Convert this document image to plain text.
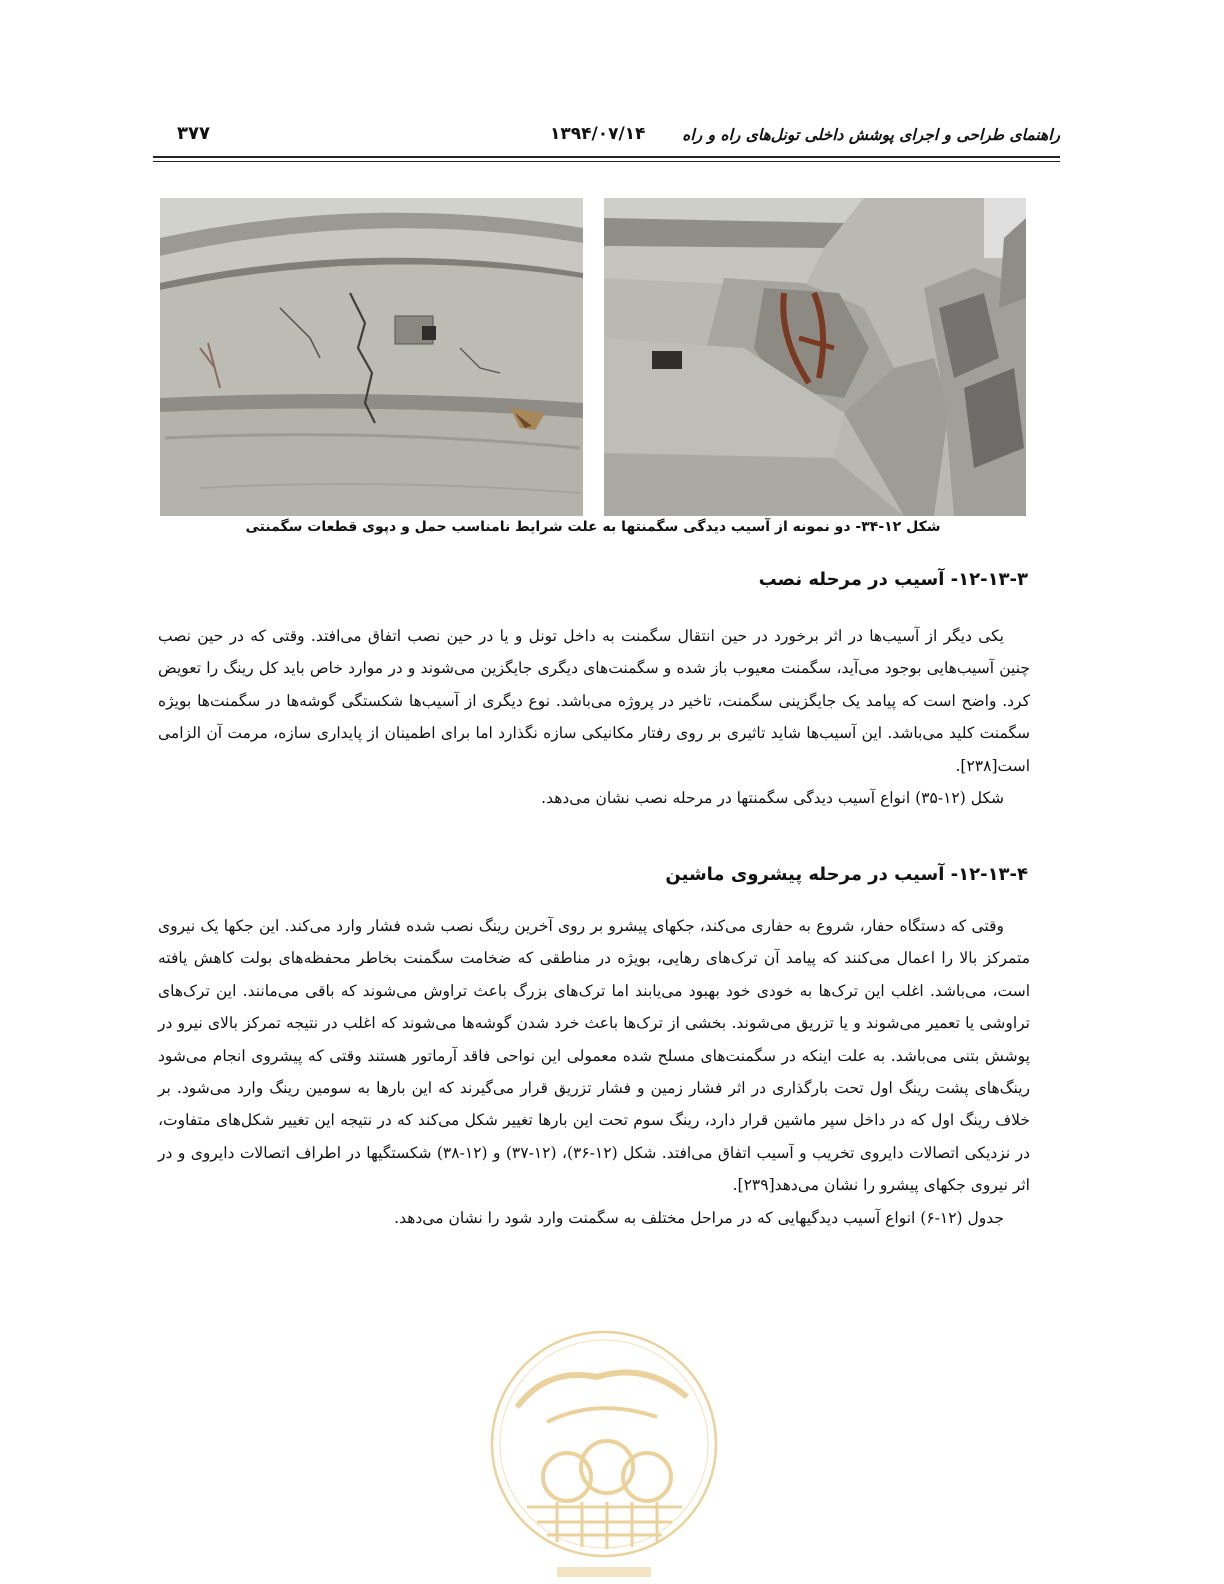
راهنمای طراحی و اجرای پوشش داخلی تونل‌های راه و راه
۱۳۹۴/۰۷/۱۴
۳۷۷
شکل ۱۲-۳۴- دو نمونه از آسیب دیدگی سگمنتها به علت شرایط نامناسب حمل و دپوی قطعات سگمنتی
۱۲-۱۳-۳- آسیب در مرحله نصب

یکی دیگر از آسیب‌ها در اثر برخورد در حین انتقال سگمنت به داخل تونل و یا در حین نصب اتفاق می‌افتد. وقتی که در حین نصب چنین آسیب‌هایی بوجود می‌آید، سگمنت معیوب باز شده و سگمنت‌های دیگری جایگزین می‌شوند و در موارد خاص باید کل رینگ را تعویض کرد. واضح است که پیامد یک جایگزینی سگمنت، تاخیر در پروژه می‌باشد. نوع دیگری از آسیب‌ها شکستگی گوشه‌ها در سگمنت‌ها بویژه سگمنت کلید می‌باشد. این آسیب‌ها شاید تاثیری بر روی رفتار مکانیکی سازه نگذارد اما برای اطمینان از پایداری سازه، مرمت آن الزامی است[۲۳۸].

شکل (۱۲-۳۵) انواع آسیب دیدگی سگمنتها در مرحله نصب نشان می‌دهد.

۱۲-۱۳-۴- آسیب در مرحله پیشروی ماشین

وقتی که دستگاه حفار، شروع به حفاری می‌کند، جکهای پیشرو بر روی آخرین رینگ نصب شده فشار وارد می‌کند. این جکها یک نیروی متمرکز بالا را اعمال می‌کنند که پیامد آن ترک‌های رهایی، بویژه در مناطقی که ضخامت سگمنت بخاطر محفظه‌های بولت کاهش یافته است، می‌باشد. اغلب این ترک‌ها به خودی خود بهبود می‌یابند اما ترک‌های بزرگ باعث تراوش می‌شوند که باقی می‌مانند. این ترک‌های تراوشی یا تعمیر می‌شوند و یا تزریق می‌شوند. بخشی از ترک‌ها باعث خرد شدن گوشه‌ها می‌شوند که اغلب در نتیجه تمرکز بالای نیرو در پوشش بتنی می‌باشد. به علت اینکه در سگمنت‌های مسلح شده معمولی این نواحی فاقد آرماتور هستند وقتی که پیشروی انجام می‌شود رینگ‌های پشت رینگ اول تحت بارگذاری در اثر فشار زمین و فشار تزریق قرار می‌گیرند که این بارها به سومین رینگ وارد می‌شود. بر خلاف رینگ اول که در داخل سپر ماشین قرار دارد، رینگ سوم تحت این بارها تغییر شکل می‌کند که در نتیجه این تغییر شکل‌های متفاوت، در نزدیکی اتصالات دایروی تخریب و آسیب اتفاق می‌افتد. شکل (۱۲-۳۶)، (۱۲-۳۷) و (۱۲-۳۸) شکستگیها در اطراف اتصالات دایروی و در اثر نیروی جکهای پیشرو را نشان می‌دهد[۲۳۹].

جدول (۱۲-۶) انواع آسیب دیدگیهایی که در مراحل مختلف به سگمنت وارد شود را نشان می‌دهد.
